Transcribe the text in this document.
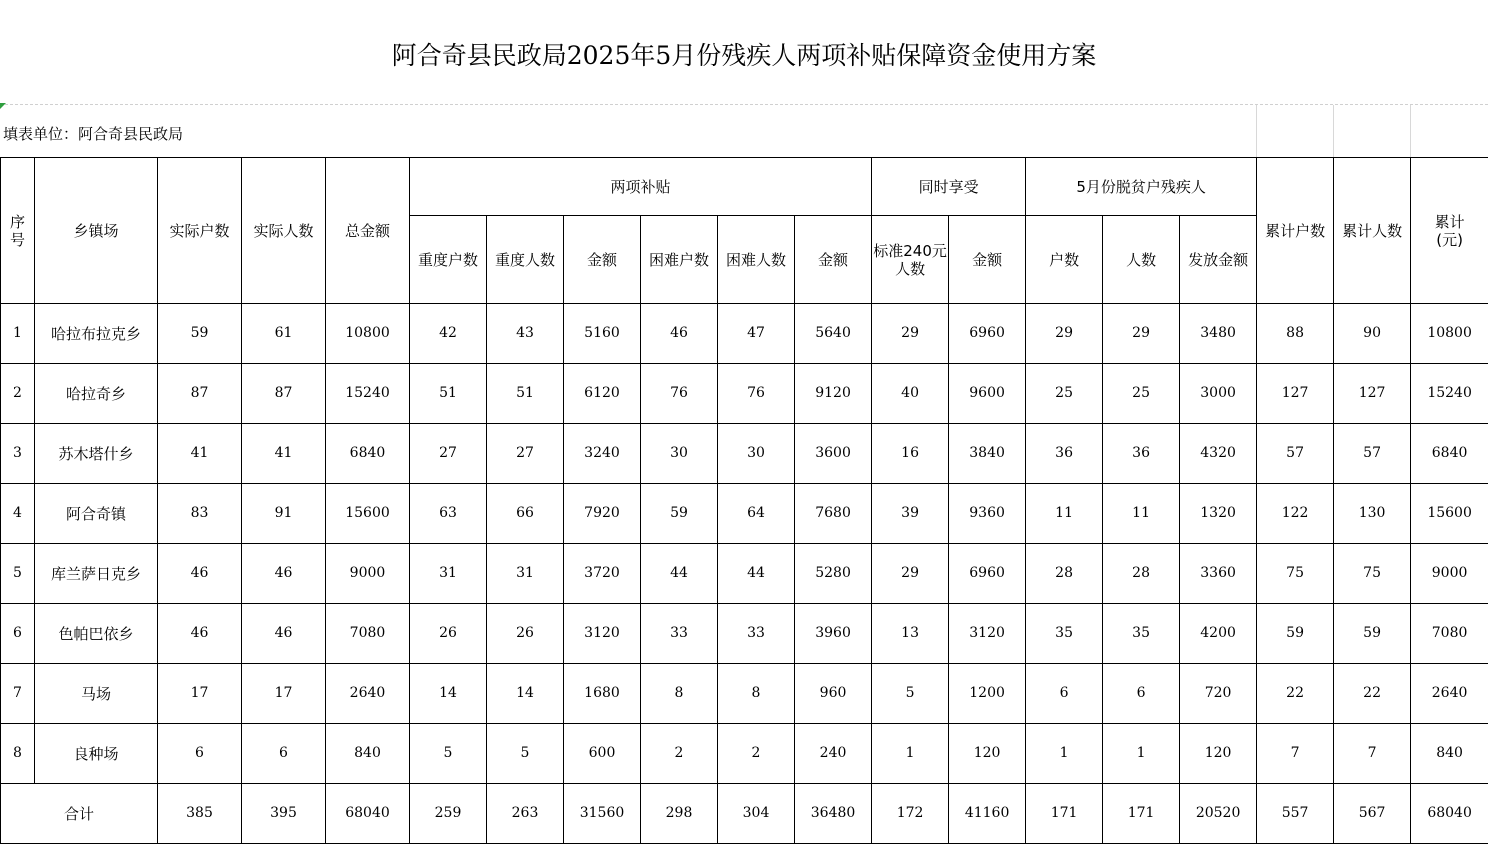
阿合奇县民政局2025年5月份残疾人两项补贴保障资金使用方案
填表单位：阿合奇县民政局
序号	乡镇场	实际户数	实际人数	总金额	两项补贴						同时享受		5月份脱贫户残疾人			累计户数	累计人数	累计(元)
					重度户数	重度人数	金额	困难户数	困难人数	金额	标准240元人数	金额	户数	人数	发放金额			
1	哈拉布拉克乡	59	61	10800	42	43	5160	46	47	5640	29	6960	29	29	3480	88	90	10800
2	哈拉奇乡	87	87	15240	51	51	6120	76	76	9120	40	9600	25	25	3000	127	127	15240
3	苏木塔什乡	41	41	6840	27	27	3240	30	30	3600	16	3840	36	36	4320	57	57	6840
4	阿合奇镇	83	91	15600	63	66	7920	59	64	7680	39	9360	11	11	1320	122	130	15600
5	库兰萨日克乡	46	46	9000	31	31	3720	44	44	5280	29	6960	28	28	3360	75	75	9000
6	色帕巴依乡	46	46	7080	26	26	3120	33	33	3960	13	3120	35	35	4200	59	59	7080
7	马场	17	17	2640	14	14	1680	8	8	960	5	1200	6	6	720	22	22	2640
8	良种场	6	6	840	5	5	600	2	2	240	1	120	1	1	120	7	7	840
合计		385	395	68040	259	263	31560	298	304	36480	172	41160	171	171	20520	557	567	68040
